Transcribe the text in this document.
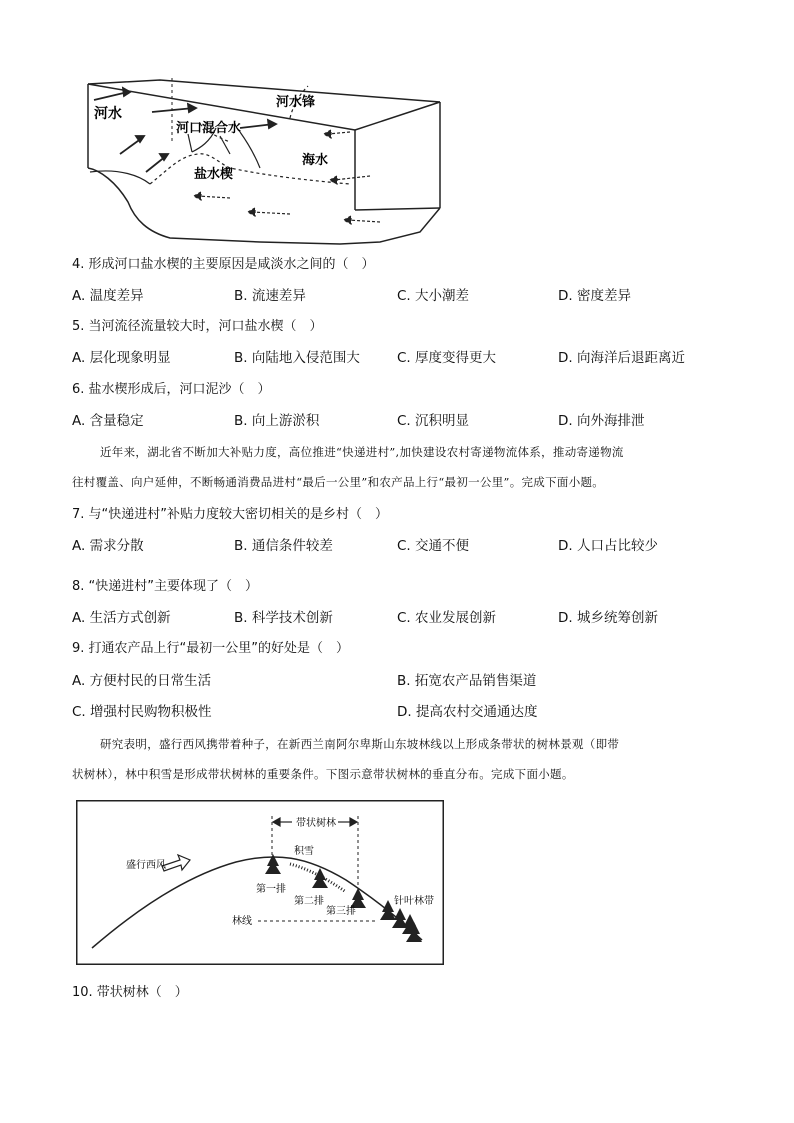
河水
河水锋
河口混合水
海水
盐水楔
4. 形成河口盐水楔的主要原因是咸淡水之间的（　）
A. 温度差异	B. 流速差异	C. 大小潮差	D. 密度差异
5. 当河流径流量较大时，河口盐水楔（　）
A. 层化现象明显	B. 向陆地入侵范围大	C. 厚度变得更大	D. 向海洋后退距离近
6. 盐水楔形成后，河口泥沙（　）
A. 含量稳定	B. 向上游淤积	C. 沉积明显	D. 向外海排泄
近年来，湖北省不断加大补贴力度，高位推进“快递进村”,加快建设农村寄递物流体系，推动寄递物流
往村覆盖、向户延伸，不断畅通消费品进村“最后一公里”和农产品上行“最初一公里”。完成下面小题。
7. 与“快递进村”补贴力度较大密切相关的是乡村（　）
A. 需求分散	B. 通信条件较差	C. 交通不便	D. 人口占比较少
8. “快递进村”主要体现了（　）
A. 生活方式创新	B. 科学技术创新	C. 农业发展创新	D. 城乡统筹创新
9. 打通农产品上行“最初一公里”的好处是（　）
A. 方便村民的日常生活	B. 拓宽农产品销售渠道
C. 增强村民购物积极性	D. 提高农村交通通达度
研究表明，盛行西风携带着种子，在新西兰南阿尔卑斯山东坡林线以上形成条带状的树林景观（即带
状树林），林中积雪是形成带状树林的重要条件。下图示意带状树林的垂直分布。完成下面小题。
带状树林
盛行西风
积雪
第一排
第二排
第三排
林线
针叶林带
10. 带状树林（　）
